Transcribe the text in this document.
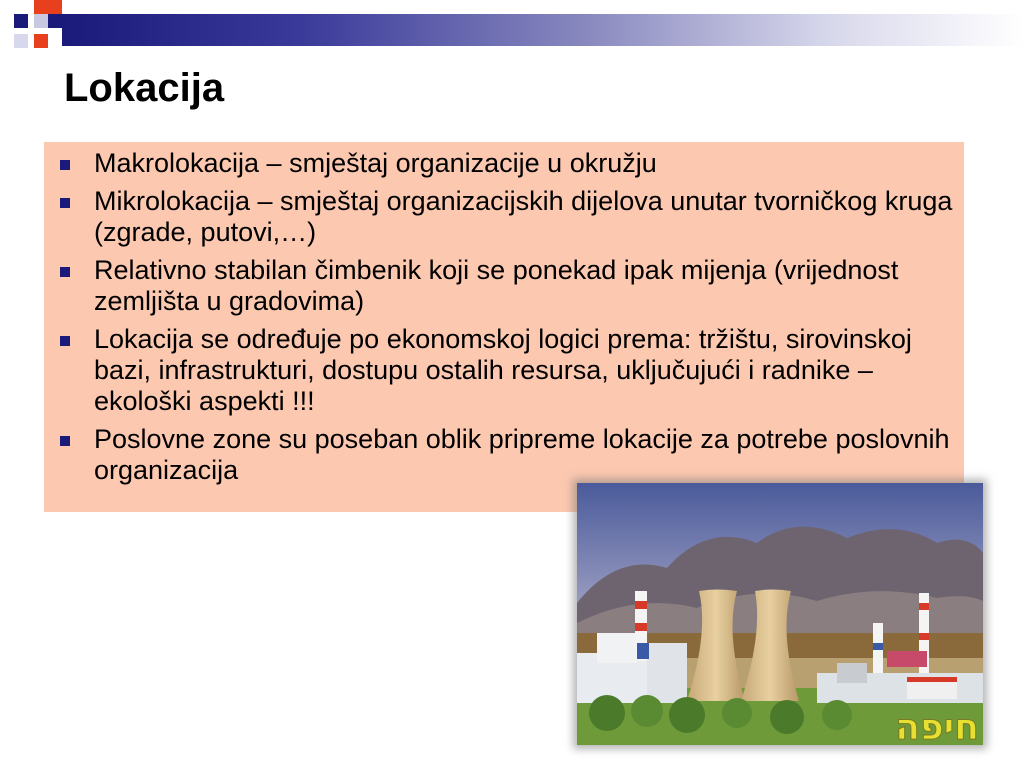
Lokacija
Makrolokacija – smještaj organizacije u okružju
Mikrolokacija – smještaj organizacijskih dijelova unutar tvorničkog kruga (zgrade, putovi,…)
Relativno stabilan čimbenik koji se ponekad ipak mijenja (vrijednost zemljišta u gradovima)
Lokacija se određuje po ekonomskoj logici prema: tržištu, sirovinskoj bazi, infrastrukturi, dostupu ostalih resursa, uključujući i radnike – ekološki aspekti !!!
Poslovne zone su poseban oblik pripreme lokacije za potrebe poslovnih organizacija
חיפה
